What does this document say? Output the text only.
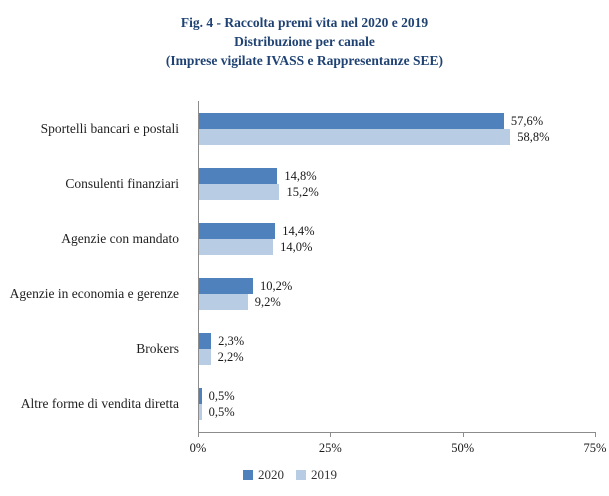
Fig. 4 - Raccolta premi vita nel 2020 e 2019
Distribuzione per canale
(Imprese vigilate IVASS e Rappresentanze SEE)
Sportelli bancari e postali
Consulenti finanziari
Agenzie con mandato
Agenzie in economia e gerenze
Brokers
Altre forme di vendita diretta
57,6%
58,8%
14,8%
15,2%
14,4%
14,0%
10,2%
9,2%
2,3%
2,2%
0,5%
0,5%
0%	25%	50%	75%
2020 2019
